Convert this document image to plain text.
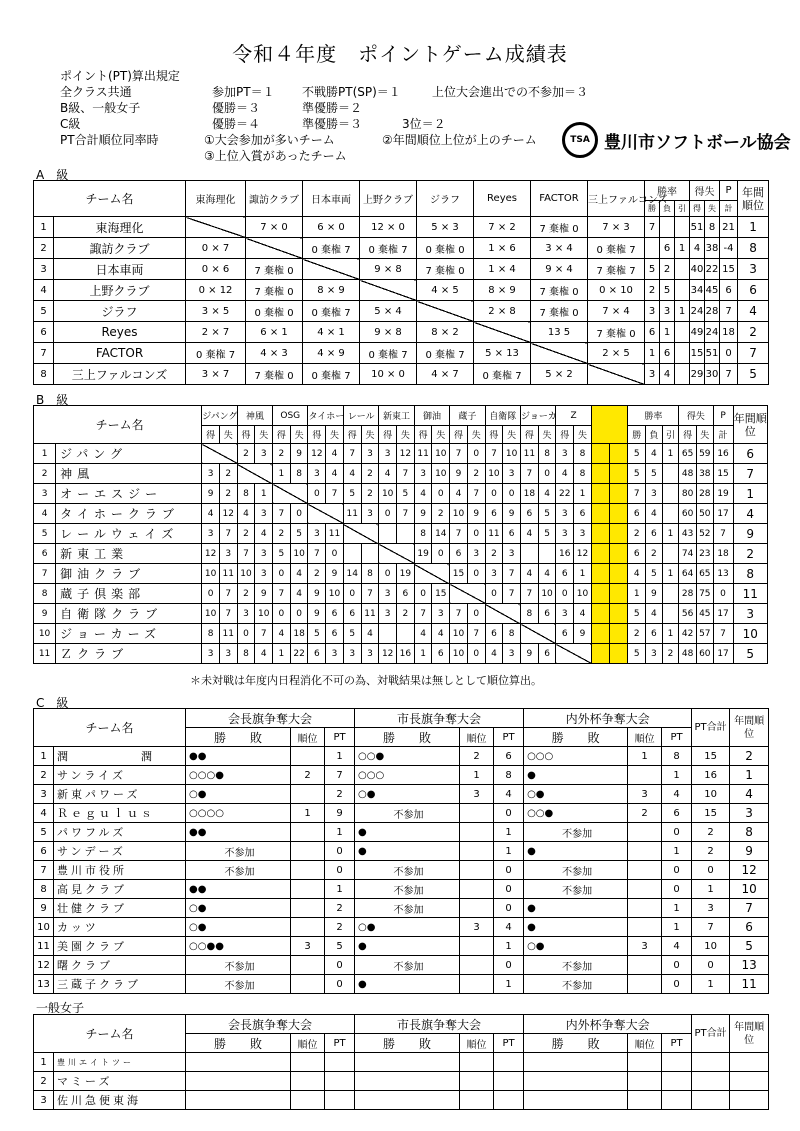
令和４年度　ポイントゲーム成績表
ポイント(PT)算出規定
全クラス共通	参加PT＝１ 不戦勝PT(SP)＝１	上位大会進出での不参加＝３
B級、一般女子	優勝＝３	準優勝＝２
C級	優勝＝４	準優勝＝３	3位＝２
PT合計順位同率時	①大会参加が多いチーム	②年間順位上位が上のチーム
③上位入賞があったチーム
TSA 豊川市ソフトボール協会
A　級
チーム名		東海理化	諏訪クラブ	日本車両	上野クラブ	ジラフ	Reyes	FACTOR	三上ファルコンズ	勝率			得失		P	年間順位
										勝	負	引	得	失	計	
1	東海理化		7 × 0	6 × 0	12 × 0	5 × 3	7 × 2	7 棄権 0	7 × 3	7			51	8	21	1
2	諏訪クラブ	0 × 7		0 棄権 7	0 棄権 7	0 棄権 0	1 × 6	3 × 4	0 棄権 7		6	1	4	38	-4	8
3	日本車両	0 × 6	7 棄権 0		9 × 8	7 棄権 0	1 × 4	9 × 4	7 棄権 7	5	2		40	22	15	3
4	上野クラブ	0 × 12	7 棄権 0	8 × 9		4 × 5	8 × 9	7 棄権 0	0 × 10	2	5		34	45	6	6
5	ジラフ	3 × 5	0 棄権 0	0 棄権 7	5 × 4		2 × 8	7 棄権 0	7 × 4	3	3	1	24	28	7	4
6	Reyes	2 × 7	6 × 1	4 × 1	9 × 8	8 × 2		13 5	7 棄権 0	6	1		49	24	18	2
7	FACTOR	0 棄権 7	4 × 3	4 × 9	0 棄権 7	0 棄権 7	5 × 13		2 × 5	1	6		15	51	0	7
8	三上ファルコンズ	3 × 7	7 棄権 0	0 棄権 7	10 × 0	4 × 7	0 棄権 7	5 × 2		3	4		29	30	7	5
B　級
チーム名		ジパング		神風		OSG		タイホー		レール		新東工		御油		蔵子		自衛隊		ジョーカ		Z				勝率			得失		P	年間順位
		得	失	得	失	得	失	得	失	得	失	得	失	得	失	得	失	得	失	得	失	得	失			勝	負	引	得	失	計	
1	ジパング			2	3	2	9	12	4	7	3	3	12	11	10	7	0	7	10	11	8	3	8			5	4	1	65	59	16	6
2	神風	3	2			1	8	3	4	4	2	4	7	3	10	9	2	10	3	7	0	4	8			5	5		48	38	15	7
3	オーエスジー	9	2	8	1			0	7	5	2	10	5	4	0	4	7	0	0	18	4	22	1			7	3		80	28	19	1
4	タイホークラブ	4	12	4	3	7	0			11	3	0	7	9	2	10	9	6	9	6	5	3	6			6	4		60	50	17	4
5	レールウェイズ	3	7	2	4	2	5	3	11					8	14	7	0	11	6	4	5	3	3			2	6	1	43	52	7	9
6	新東工業	12	3	7	3	5	10	7	0					19	0	6	3	2	3			16	12			6	2		74	23	18	2
7	御油クラブ	10	11	10	3	0	4	2	9	14	8	0	19			15	0	3	7	4	4	6	1			4	5	1	64	65	13	8
8	蔵子倶楽部	0	7	2	9	7	4	9	10	0	7	3	6	0	15			0	7	7	10	0	10			1	9		28	75	0	11
9	自衛隊クラブ	10	7	3	10	0	0	9	6	6	11	3	2	7	3	7	0			8	6	3	4			5	4		56	45	17	3
10	ジョーカーズ	8	11	0	7	4	18	5	6	5	4			4	4	10	7	6	8			6	9			2	6	1	42	57	7	10
11	Ｚクラブ	3	3	8	4	1	22	6	3	3	3	12	16	1	6	10	0	4	3	9	6					5	3	2	48	60	17	5
＊未対戦は年度内日程消化不可の為、対戦結果は無しとして順位算出。
C　級
チーム名		会長旗争奪大会			市長旗争奪大会			内外杯争奪大会			PT合計	年間順位
		勝　　敗	順位	PT	勝　　敗	順位	PT	勝　　敗	順位	PT		
1	潤　　　　　潤	●●		1	○○●	2	6	○○○	1	8	15	2
2	サンライズ	○○○●	2	7	○○○	1	8	●		1	16	1
3	新東パワーズ	○●		2	○●	3	4	○●	3	4	10	4
4	Ｒｅｇｕｌｕｓ	○○○○	1	9	不参加		0	○○●	2	6	15	3
5	パワフルズ	●●		1	●		1	不参加		0	2	8
6	サンデーズ	不参加		0	●		1	●		1	2	9
7	豊川市役所	不参加		0	不参加		0	不参加		0	0	12
8	高見クラブ	●●		1	不参加		0	不参加		0	1	10
9	壮健クラブ	○●		2	不参加		0	●		1	3	7
10	カッツ	○●		2	○●	3	4	●		1	7	6
11	美園クラブ	○○●●	3	5	●		1	○●	3	4	10	5
12	曙クラブ	不参加		0	不参加		0	不参加		0	0	13
13	三蔵子クラブ	不参加		0	●		1	不参加		0	1	11
一般女子
チーム名		会長旗争奪大会			市長旗争奪大会			内外杯争奪大会			PT合計	年間順位
		勝　　敗	順位	PT	勝　　敗	順位	PT	勝　　敗	順位	PT		
1	豊川エイトツー											
2	マミーズ											
3	佐川急便東海											
